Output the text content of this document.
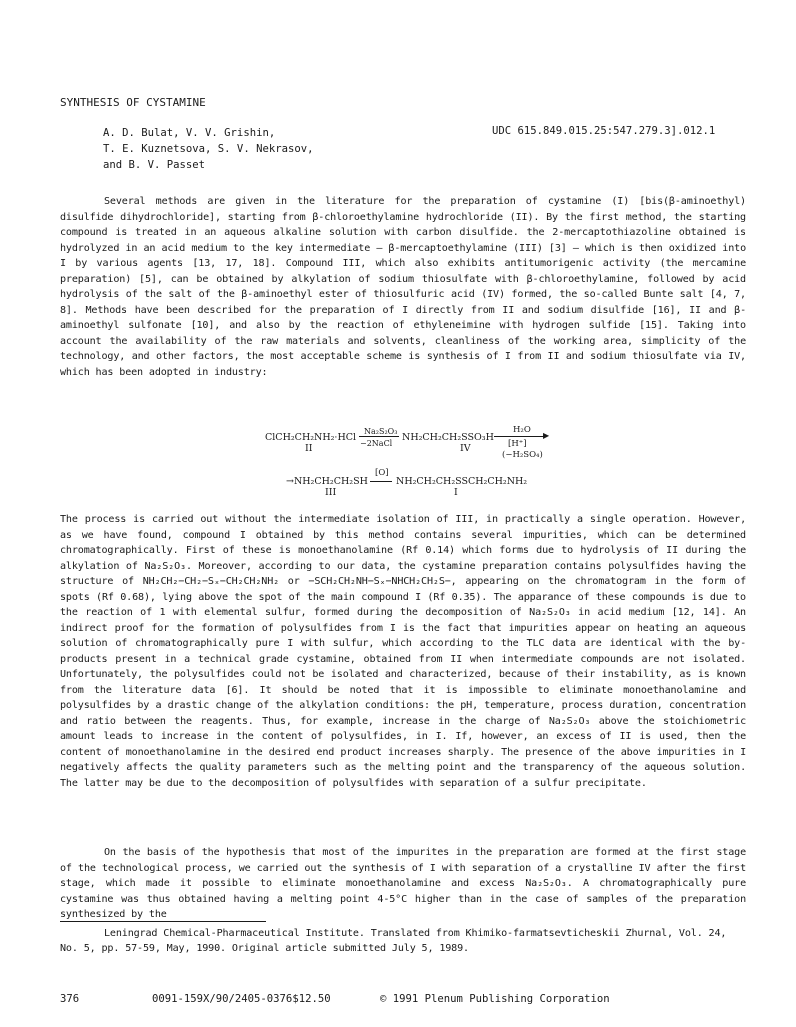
SYNTHESIS OF CYSTAMINE
A. D. Bulat, V. V. Grishin,
T. E. Kuznetsova, S. V. Nekrasov,
and B. V. Passet
UDC 615.849.015.25:547.279.3].012.1

Several methods are given in the literature for the preparation of cystamine (I) [bis(β-aminoethyl) disulfide dihydrochloride], starting from β-chloroethylamine hydrochloride (II). By the first method, the starting compound is treated in an aqueous alkaline solution with carbon disulfide. the 2-mercaptothiazoline obtained is hydrolyzed in an acid medium to the key intermediate — β-mercaptoethylamine (III) [3] — which is then oxidized into I by various agents [13, 17, 18]. Compound III, which also exhibits antitumorigenic activity (the mercamine preparation) [5], can be obtained by alkylation of sodium thiosulfate with β-chloroethylamine, followed by acid hydrolysis of the salt of the β-aminoethyl ester of thiosulfuric acid (IV) formed, the so-called Bunte salt [4, 7, 8]. Methods have been described for the preparation of I directly from II and sodium disulfide [16], II and β-aminoethyl sulfonate [10], and also by the reaction of ethyleneimine with hydrogen sulfide [15]. Taking into account the availability of the raw materials and solvents, cleanliness of the working area, simplicity of the technology, and other factors, the most acceptable scheme is synthesis of I from II and sodium thiosulfate via IV, which has been adopted in industry:

ClCH₂CH₂NH₂·HCl
II
Na₂S₂O₃
−2NaCl
NH₂CH₂CH₂SSO₃H
IV
H₂O
▶
[H⁺]
(−H₂SO₄)
→NH₂CH₂CH₂SH
III
[O]
NH₂CH₂CH₂SSCH₂CH₂NH₂
I

The process is carried out without the intermediate isolation of III, in practically a single operation. However, as we have found, compound I obtained by this method contains several impurities, which can be determined chromatographically. First of these is monoethanolamine (Rf 0.14) which forms due to hydrolysis of II during the alkylation of Na₂S₂O₃. Moreover, according to our data, the cystamine preparation contains polysulfides having the structure of NH₂CH₂−CH₂−Sₓ−CH₂CH₂NH₂ or −SCH₂CH₂NH−Sₓ−NHCH₂CH₂S−, appearing on the chromatogram in the form of spots (Rf 0.68), lying above the spot of the main compound I (Rf 0.35). The apparance of these compounds is due to the reaction of 1 with elemental sulfur, formed during the decomposition of Na₂S₂O₃ in acid medium [12, 14]. An indirect proof for the formation of polysulfides from I is the fact that impurities appear on heating an aqueous solution of chromatographically pure I with sulfur, which according to the TLC data are identical with the by-products present in a technical grade cystamine, obtained from II when intermediate compounds are not isolated. Unfortunately, the polysulfides could not be isolated and characterized, because of their instability, as is known from the literature data [6]. It should be noted that it is impossible to eliminate monoethanolamine and polysulfides by a drastic change of the alkylation conditions: the pH, temperature, process duration, concentration and ratio between the reagents. Thus, for example, increase in the charge of Na₂S₂O₃ above the stoichiometric amount leads to increase in the content of polysulfides, in I. If, however, an excess of II is used, then the content of monoethanolamine in the desired end product increases sharply. The presence of the above impurities in I negatively affects the quality parameters such as the melting point and the transparency of the aqueous solution. The latter may be due to the decomposition of polysulfides with separation of a sulfur precipitate.

On the basis of the hypothesis that most of the impurites in the preparation are formed at the first stage of the technological process, we carried out the synthesis of I with separation of a crystalline IV after the first stage, which made it possible to eliminate monoethanolamine and excess Na₂S₂O₃. A chromatographically pure cystamine was thus obtained having a melting point 4-5°C higher than in the case of samples of the preparation synthesized by the

Leningrad Chemical-Pharmaceutical Institute. Translated from Khimiko-farmatsevticheskii Zhurnal, Vol. 24, No. 5, pp. 57-59, May, 1990. Original article submitted July 5, 1989.

376	0091-159X/90/2405-0376$12.50	© 1991 Plenum Publishing Corporation
